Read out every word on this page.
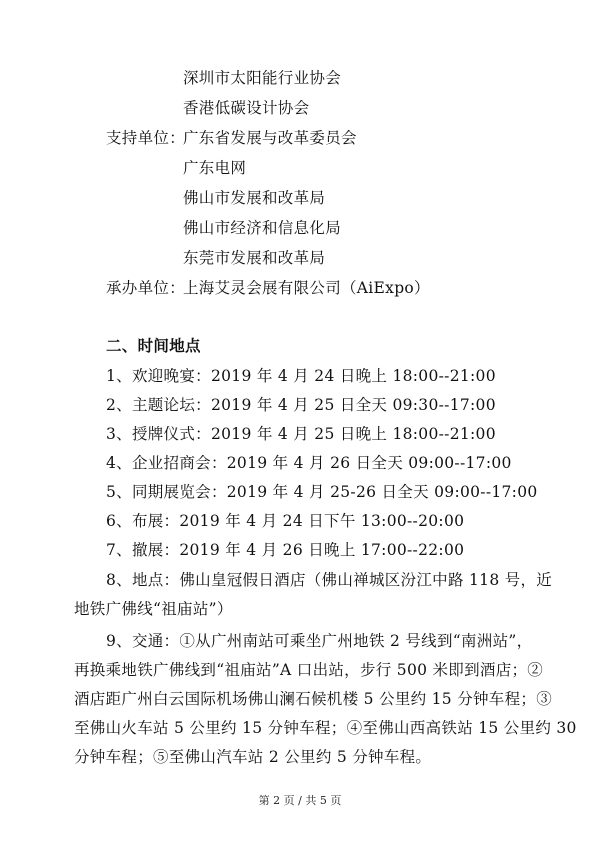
深圳市太阳能行业协会
香港低碳设计协会
支持单位：
广东省发展与改革委员会
广东电网
佛山市发展和改革局
佛山市经济和信息化局
东莞市发展和改革局
承办单位：
上海艾灵会展有限公司（AiExpo）
二、时间地点
1、欢迎晚宴：2019 年 4 月 24 日晚上 18:00--21:00
2、主题论坛：2019 年 4 月 25 日全天 09:30--17:00
3、授牌仪式：2019 年 4 月 25 日晚上 18:00--21:00
4、企业招商会：2019 年 4 月 26 日全天 09:00--17:00
5、同期展览会：2019 年 4 月 25-26 日全天 09:00--17:00
6、布展：2019 年 4 月 24 日下午 13:00--20:00
7、撤展：2019 年 4 月 26 日晚上 17:00--22:00
8、地点：佛山皇冠假日酒店（佛山禅城区汾江中路 118 号，近
地铁广佛线“祖庙站”）
9、交通：①从广州南站可乘坐广州地铁 2 号线到“南洲站”，
再换乘地铁广佛线到“祖庙站”A 口出站，步行 500 米即到酒店；②
酒店距广州白云国际机场佛山澜石候机楼 5 公里约 15 分钟车程；③
至佛山火车站 5 公里约 15 分钟车程；④至佛山西高铁站 15 公里约 30
分钟车程；⑤至佛山汽车站 2 公里约 5 分钟车程。
第 2 页 / 共 5 页
